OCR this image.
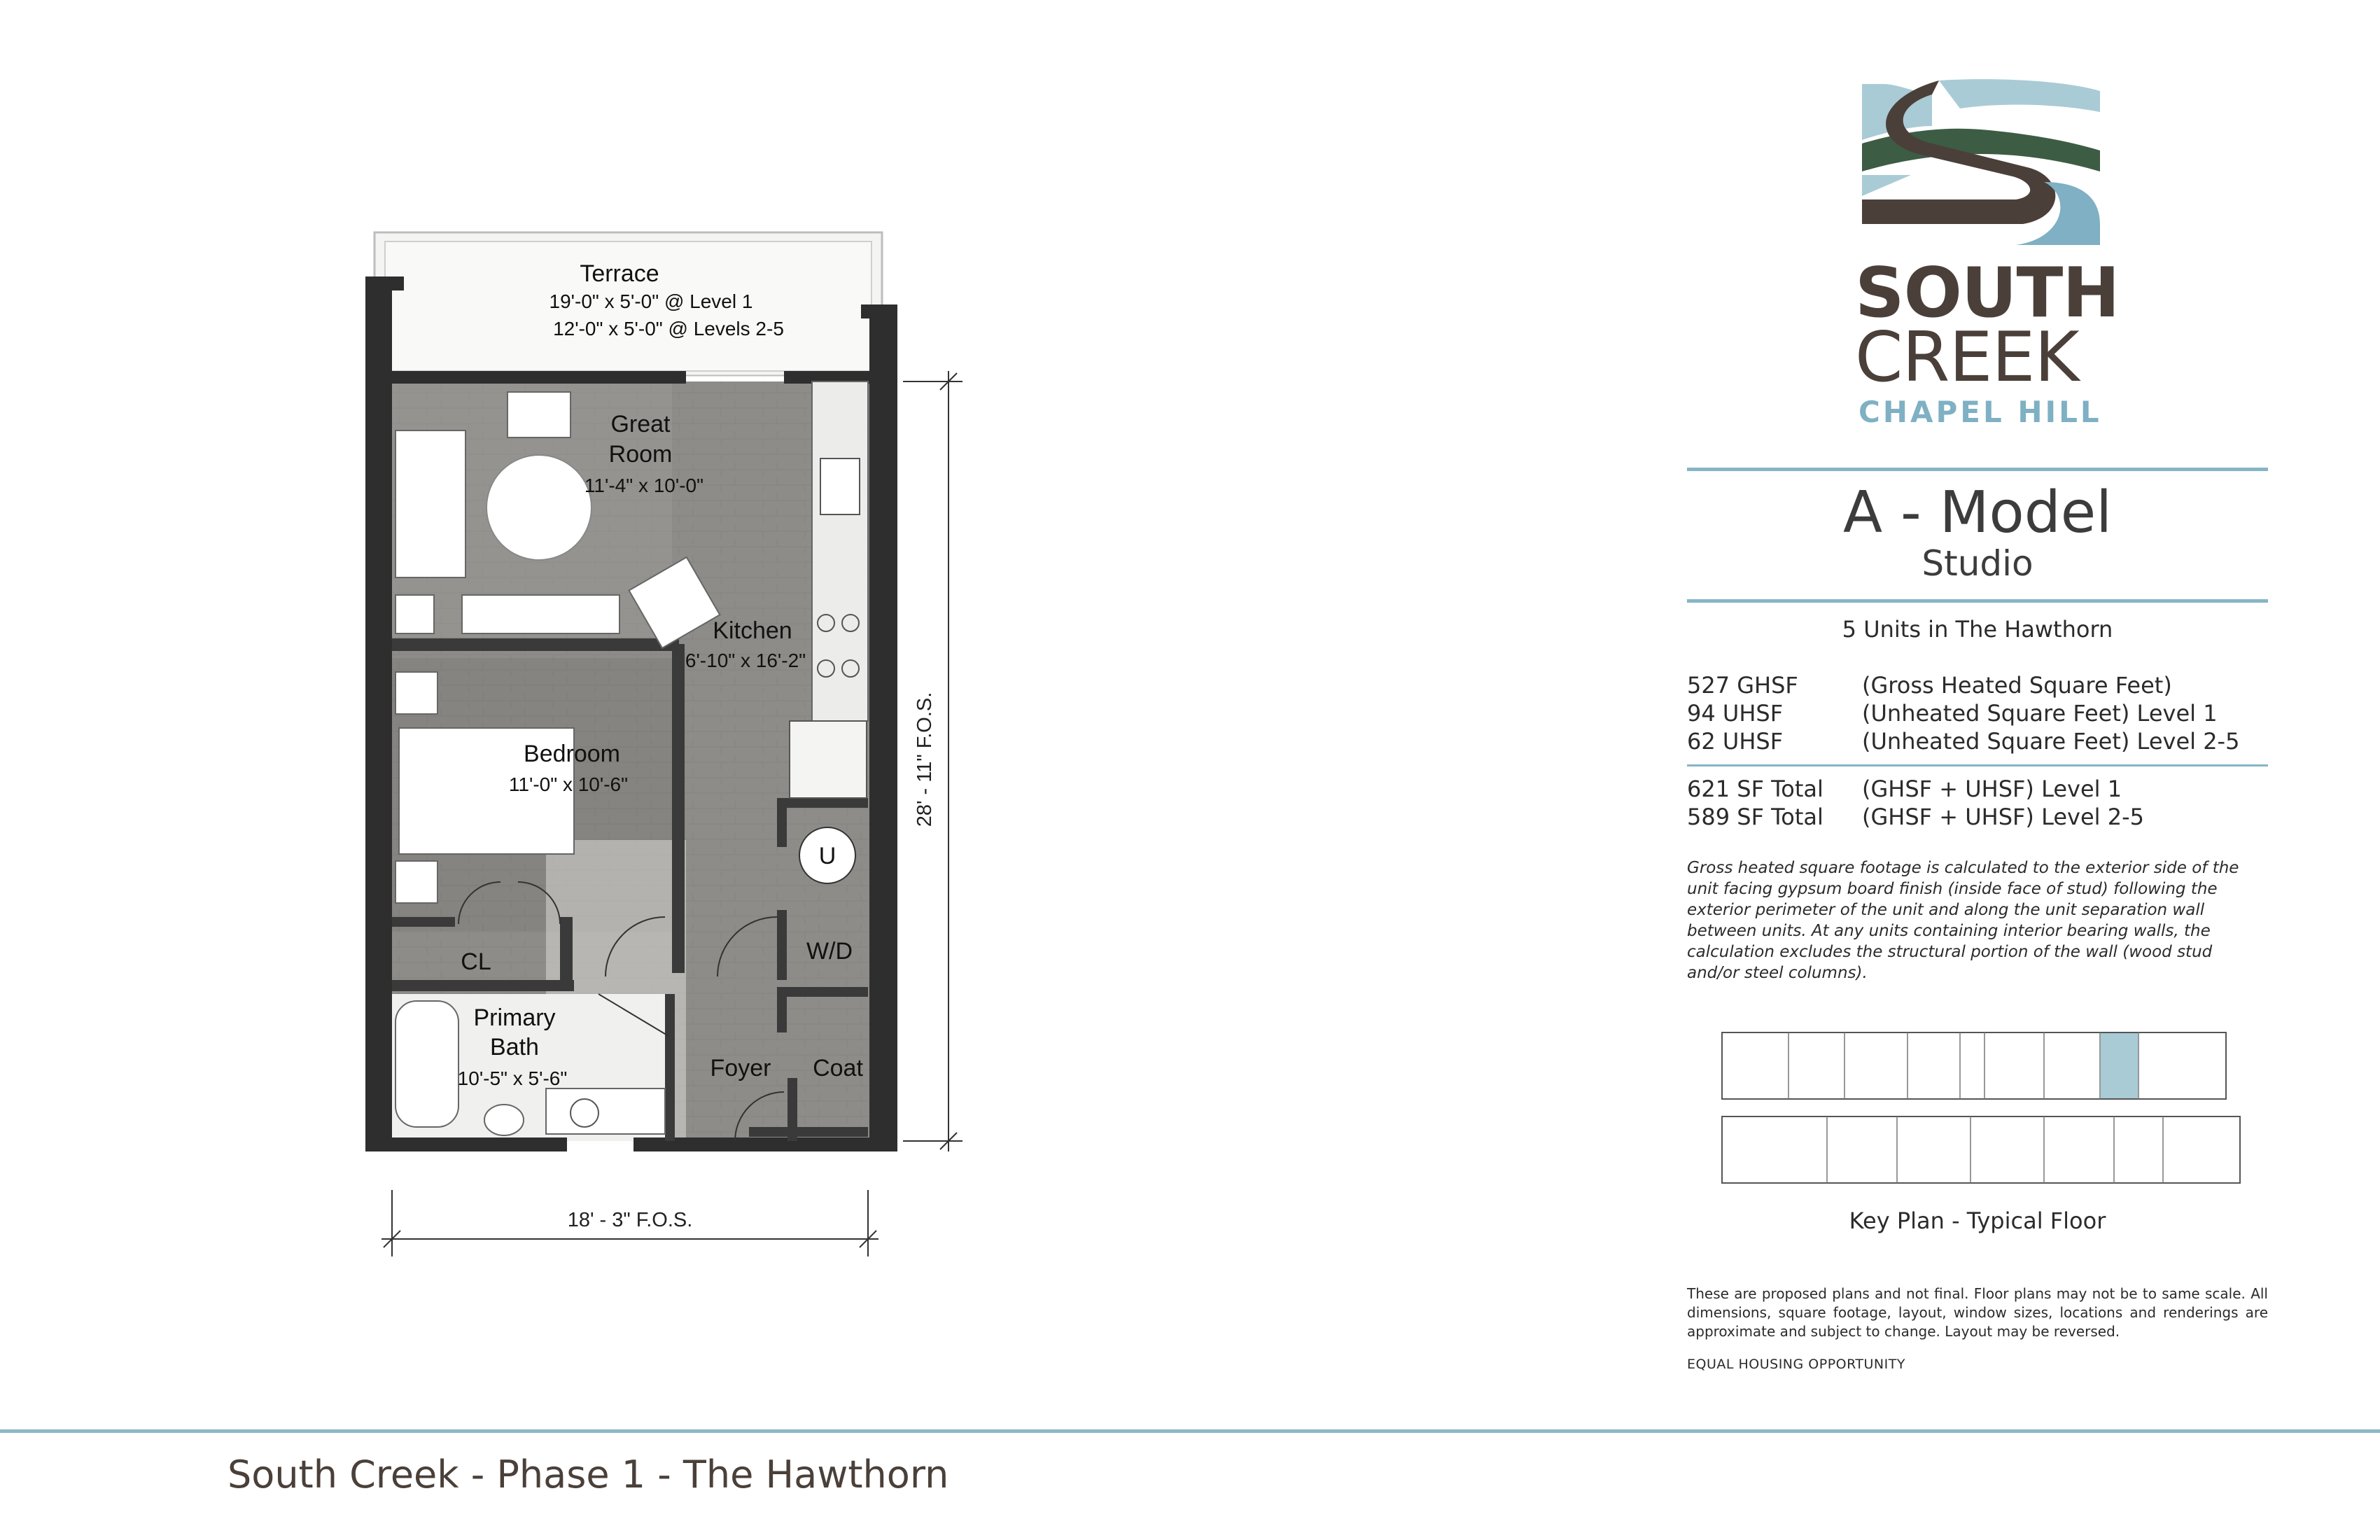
Terrace
19'-0" x 5'-0" @ Level 1
12'-0" x 5'-0" @ Levels 2-5
Great
Room
11'-4" x 10'-0"
Kitchen
6'-10" x 16'-2"
Bedroom
11'-0" x 10'-6"
CL
Primary
Bath
10'-5" x 5'-6"
U
W/D
Foyer Coat
18' - 3" F.O.S.
28' - 11" F.O.S.
SOUTH
CREEK
CHAPEL HILL
A - Model
Studio
5 Units in The Hawthorn
527 GHSF	(Gross Heated Square Feet)
94 UHSF	(Unheated Square Feet) Level 1
62 UHSF	(Unheated Square Feet) Level 2-5
621 SF Total (GHSF + UHSF) Level 1
589 SF Total (GHSF + UHSF) Level 2-5
Gross heated square footage is calculated to the exterior side of the unit facing gypsum board finish (inside face of stud) following the exterior perimeter of the unit and along the unit separation wall between units. At any units containing interior bearing walls, the calculation excludes the structural portion of the wall (wood stud and/or steel columns).
Key Plan - Typical Floor
These are proposed plans and not final. Floor plans may not be to same scale. All dimensions, square footage, layout, window sizes, locations and renderings are approximate and subject to change. Layout may be reversed.
EQUAL HOUSING OPPORTUNITY
South Creek - Phase 1 - The Hawthorn
